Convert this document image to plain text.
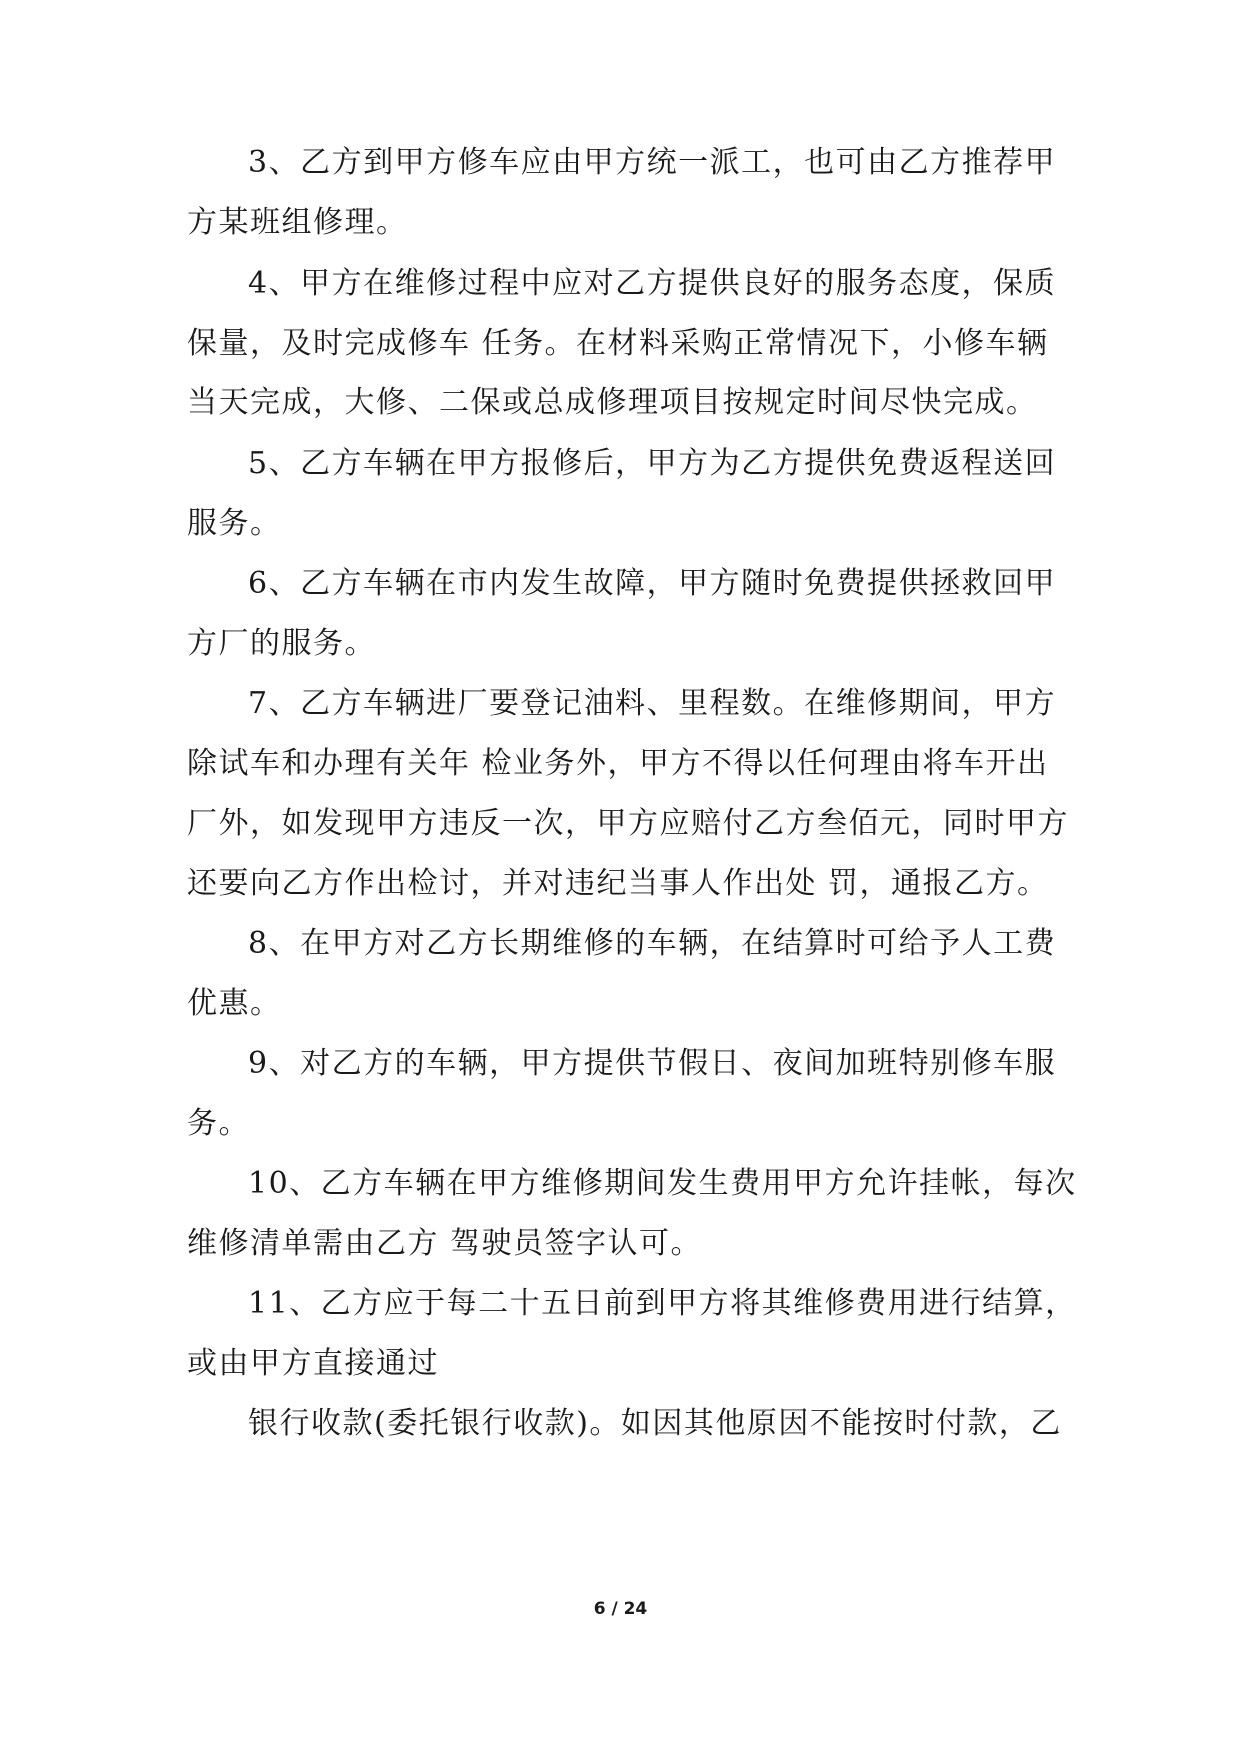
3、乙方到甲方修车应由甲方统一派工，也可由乙方推荐甲
方某班组修理。
4、甲方在维修过程中应对乙方提供良好的服务态度，保质
保量，及时完成修车 任务。在材料采购正常情况下，小修车辆
当天完成，大修、二保或总成修理项目按规定时间尽快完成。
5、乙方车辆在甲方报修后，甲方为乙方提供免费返程送回
服务。
6、乙方车辆在市内发生故障，甲方随时免费提供拯救回甲
方厂的服务。
7、乙方车辆进厂要登记油料、里程数。在维修期间，甲方
除试车和办理有关年 检业务外，甲方不得以任何理由将车开出
厂外，如发现甲方违反一次，甲方应赔付乙方叁佰元，同时甲方
还要向乙方作出检讨，并对违纪当事人作出处 罚，通报乙方。
8、在甲方对乙方长期维修的车辆，在结算时可给予人工费
优惠。
9、对乙方的车辆，甲方提供节假日、夜间加班特别修车服
务。
10、乙方车辆在甲方维修期间发生费用甲方允许挂帐，每次
维修清单需由乙方 驾驶员签字认可。
11、乙方应于每二十五日前到甲方将其维修费用进行结算，
或由甲方直接通过
银行收款(委托银行收款)。如因其他原因不能按时付款，乙
6 / 24
